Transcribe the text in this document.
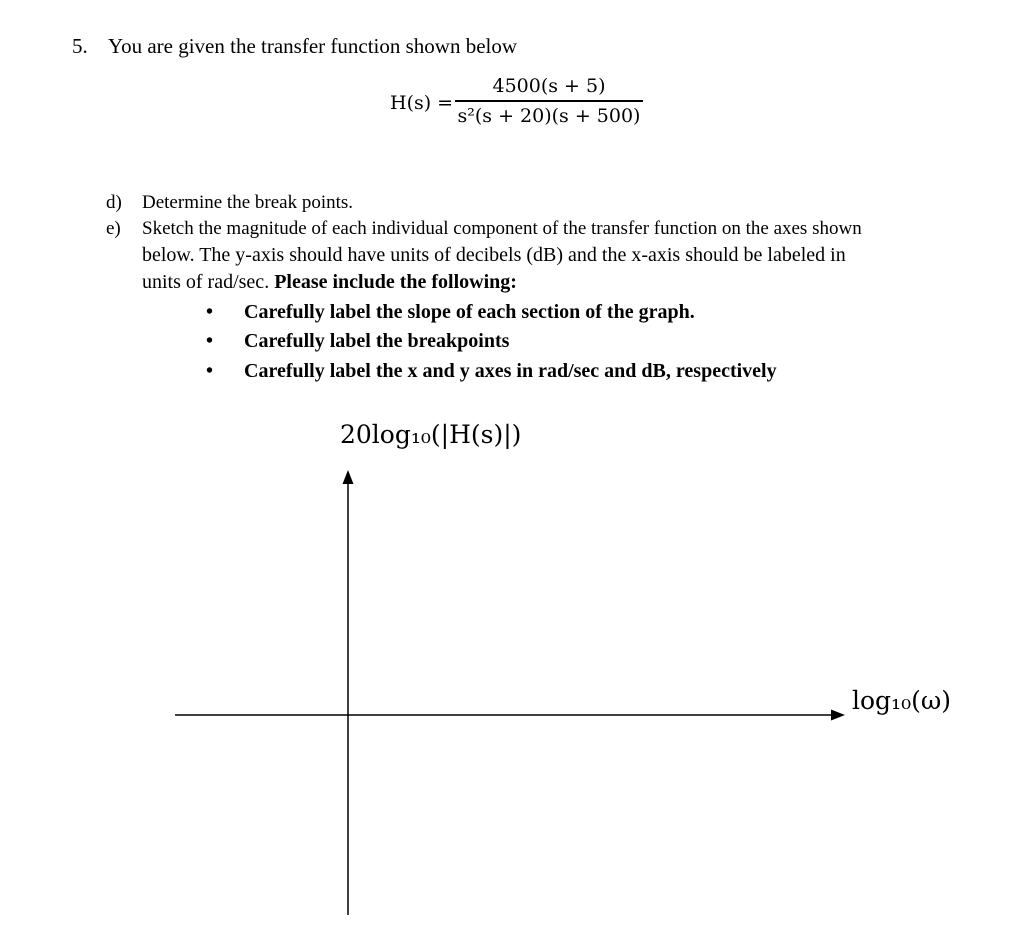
5. You are given the transfer function shown below
H(s) =
4500(s + 5)
s²(s + 20)(s + 500)
d) Determine the break points.
e) Sketch the magnitude of each individual component of the transfer function on the axes shown
below. The y-axis should have units of decibels (dB) and the x-axis should be labeled in
units of rad/sec. Please include the following:
• Carefully label the slope of each section of the graph.
• Carefully label the breakpoints
• Carefully label the x and y axes in rad/sec and dB, respectively
20log₁₀(|H(s)|)
log₁₀(ω)
